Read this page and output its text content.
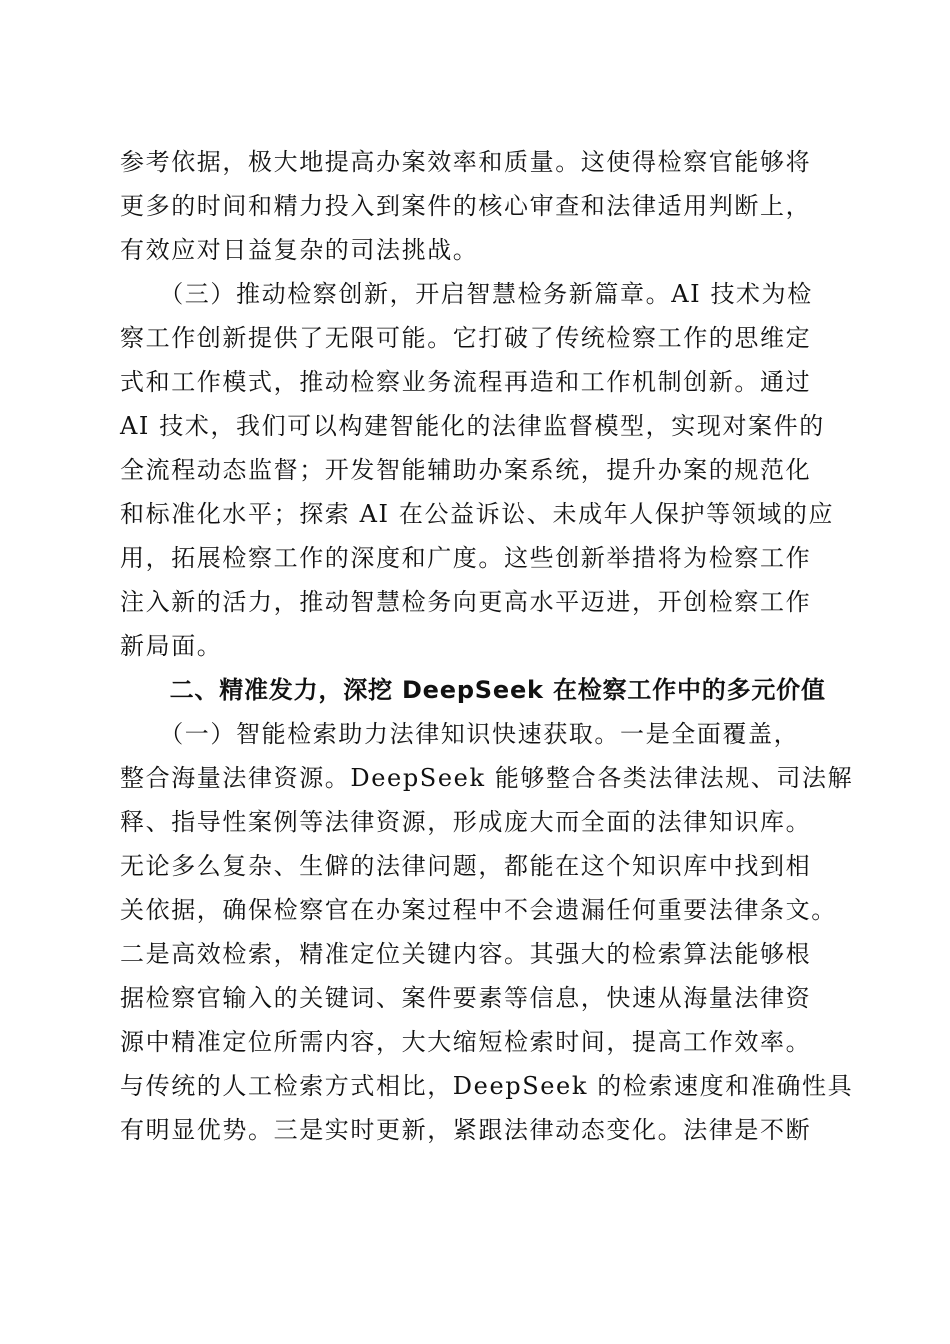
参考依据，极大地提高办案效率和质量。这使得检察官能够将
更多的时间和精力投入到案件的核心审查和法律适用判断上，
有效应对日益复杂的司法挑战。
　　（三）推动检察创新，开启智慧检务新篇章。AI 技术为检
察工作创新提供了无限可能。它打破了传统检察工作的思维定
式和工作模式，推动检察业务流程再造和工作机制创新。通过
AI 技术，我们可以构建智能化的法律监督模型，实现对案件的
全流程动态监督；开发智能辅助办案系统，提升办案的规范化
和标准化水平；探索 AI 在公益诉讼、未成年人保护等领域的应
用，拓展检察工作的深度和广度。这些创新举措将为检察工作
注入新的活力，推动智慧检务向更高水平迈进，开创检察工作
新局面。
　　二、精准发力，深挖 DeepSeek 在检察工作中的多元价值
　　（一）智能检索助力法律知识快速获取。一是全面覆盖，
整合海量法律资源。DeepSeek 能够整合各类法律法规、司法解
释、指导性案例等法律资源，形成庞大而全面的法律知识库。
无论多么复杂、生僻的法律问题，都能在这个知识库中找到相
关依据，确保检察官在办案过程中不会遗漏任何重要法律条文。
二是高效检索，精准定位关键内容。其强大的检索算法能够根
据检察官输入的关键词、案件要素等信息，快速从海量法律资
源中精准定位所需内容，大大缩短检索时间，提高工作效率。
与传统的人工检索方式相比，DeepSeek 的检索速度和准确性具
有明显优势。三是实时更新，紧跟法律动态变化。法律是不断
